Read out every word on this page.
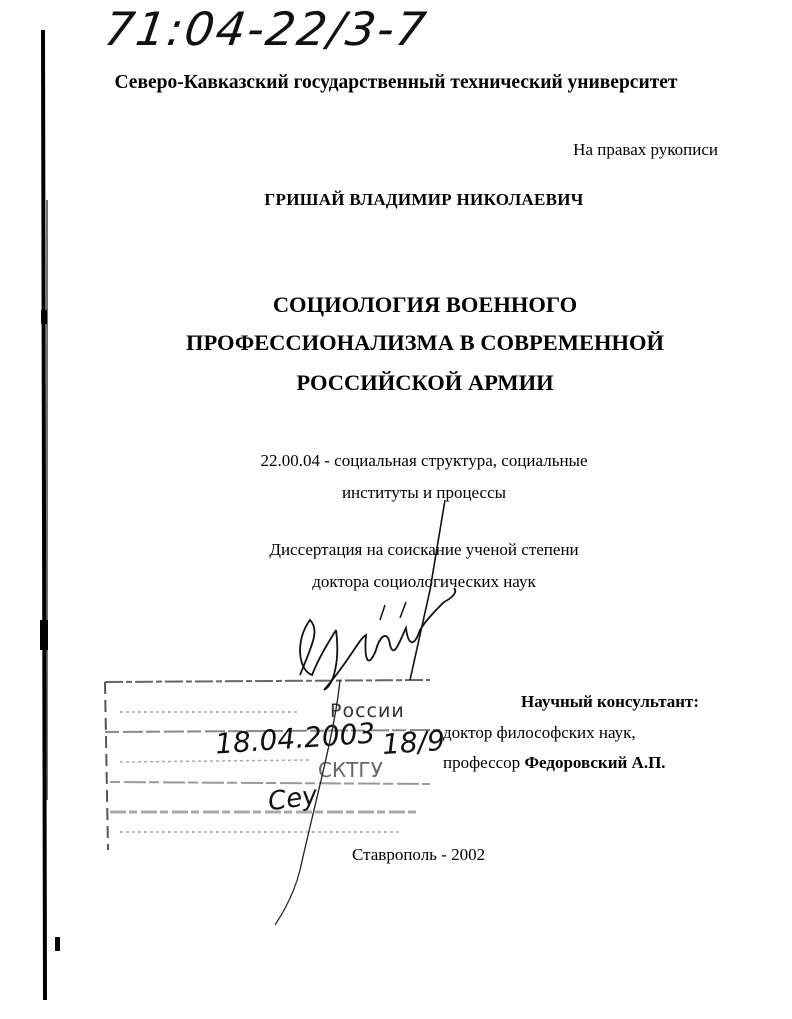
71:04-22/3-7
Северо-Кавказский государственный технический университет
На правах рукописи
ГРИШАЙ ВЛАДИМИР НИКОЛАЕВИЧ
СОЦИОЛОГИЯ ВОЕННОГО
ПРОФЕССИОНАЛИЗМА В СОВРЕМЕННОЙ
РОССИЙСКОЙ АРМИИ
22.00.04 - социальная структура, социальные
институты и процессы
Диссертация на соискание ученой степени
доктора социологических наук
России
СКТГУ
18.04.2003 18/9
Сеу
Научный консультант:
доктор философских наук,
профессор Федоровский А.П.
Ставрополь - 2002
